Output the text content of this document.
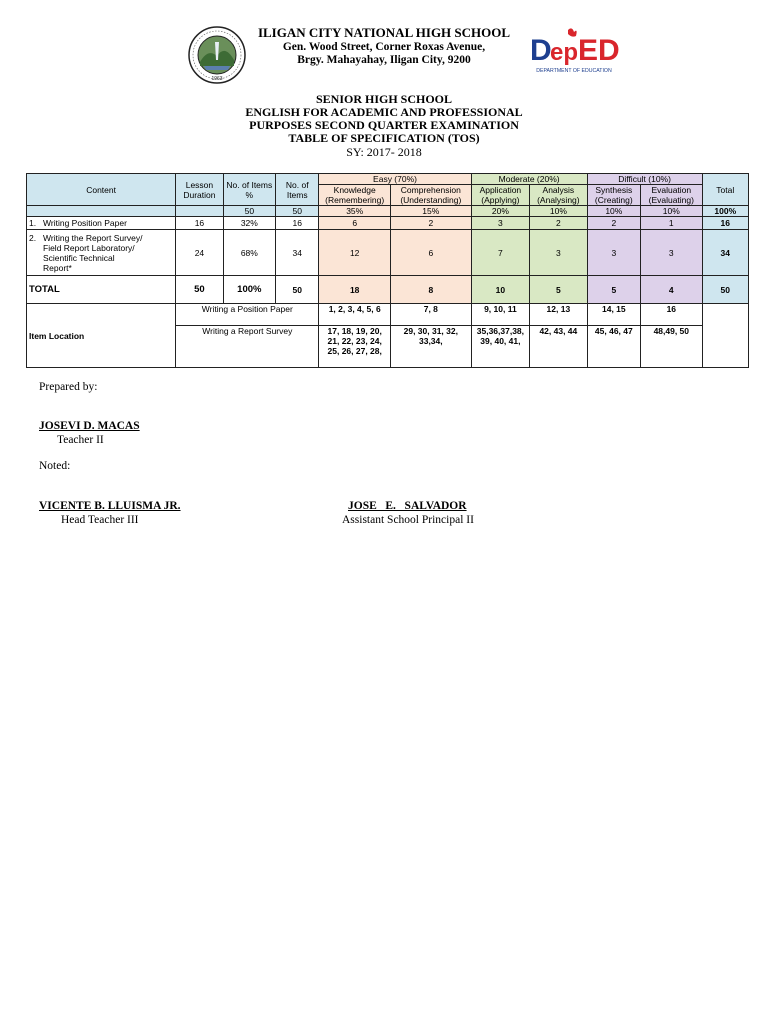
1963
D
ep ED
DEPARTMENT OF EDUCATION
ILIGAN CITY NATIONAL HIGH SCHOOL
Gen. Wood Street, Corner Roxas Avenue,
Brgy. Mahayahay, Iligan City, 9200
SENIOR HIGH SCHOOL
ENGLISH FOR ACADEMIC AND PROFESSIONAL
PURPOSES SECOND QUARTER EXAMINATION
TABLE OF SPECIFICATION (TOS)
SY: 2017- 2018
Content	Lesson Duration	No. of Items %	No. of Items	Easy (70%)		Moderate (20%)		Difficult (10%)		Total
				Knowledge (Remembering)	Comprehension (Understanding)	Application (Applying)	Analysis (Analysing)	Synthesis (Creating)	Evaluation (Evaluating)	
		50	50	35%	15%	20%	10%	10%	10%	100%
1. Writing Position Paper	16	32%	16	6	2	3	2	2	1	16

2. Writing the Report Survey/ Field Report Laboratory/ Scientific Technical Report*	24	68%	34	12	6	7	3	3	3	34
TOTAL	50	100%	50	18	8	10	5	5	4	50
Item Location	Writing a Position Paper			1, 2, 3, 4, 5, 6	7, 8	9, 10, 11	12, 13	14, 15	16	
	Writing a Report Survey			17, 18, 19, 20, 21, 22, 23, 24, 25, 26, 27, 28,	29, 30, 31, 32, 33,34,	35,36,37,38, 39, 40, 41,	42, 43, 44	45, 46, 47	48,49, 50	
Prepared by:
JOSEVI D. MACAS
Teacher II
Noted:
VICENTE B. LLUISMA JR.
Head Teacher III
JOSE   E.   SALVADOR
Assistant School Principal II
